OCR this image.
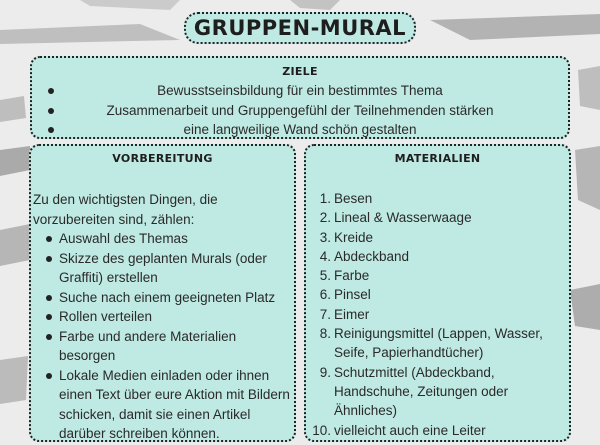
GRUPPEN-MURAL
ZIELE
Bewusstseinsbildung für ein bestimmtes Thema
Zusammenarbeit und Gruppengefühl der Teilnehmenden stärken
eine langweilige Wand schön gestalten
VORBEREITUNG
Zu den wichtigsten Dingen, die vorzubereiten sind, zählen:
Auswahl des Themas
Skizze des geplanten Murals (oder Graffiti) erstellen
Suche nach einem geeigneten Platz
Rollen verteilen
Farbe und andere Materialien besorgen
Lokale Medien einladen oder ihnen einen Text über eure Aktion mit Bildern schicken, damit sie einen Artikel darüber schreiben können.
MATERIALIEN
1. Besen
2. Lineal & Wasserwaage
3. Kreide
4. Abdeckband
5. Farbe
6. Pinsel
7. Eimer
8. Reinigungsmittel (Lappen, Wasser, Seife, Papierhandtücher)
9. Schutzmittel (Abdeckband, Handschuhe, Zeitungen oder Ähnliches)
10. vielleicht auch eine Leiter
